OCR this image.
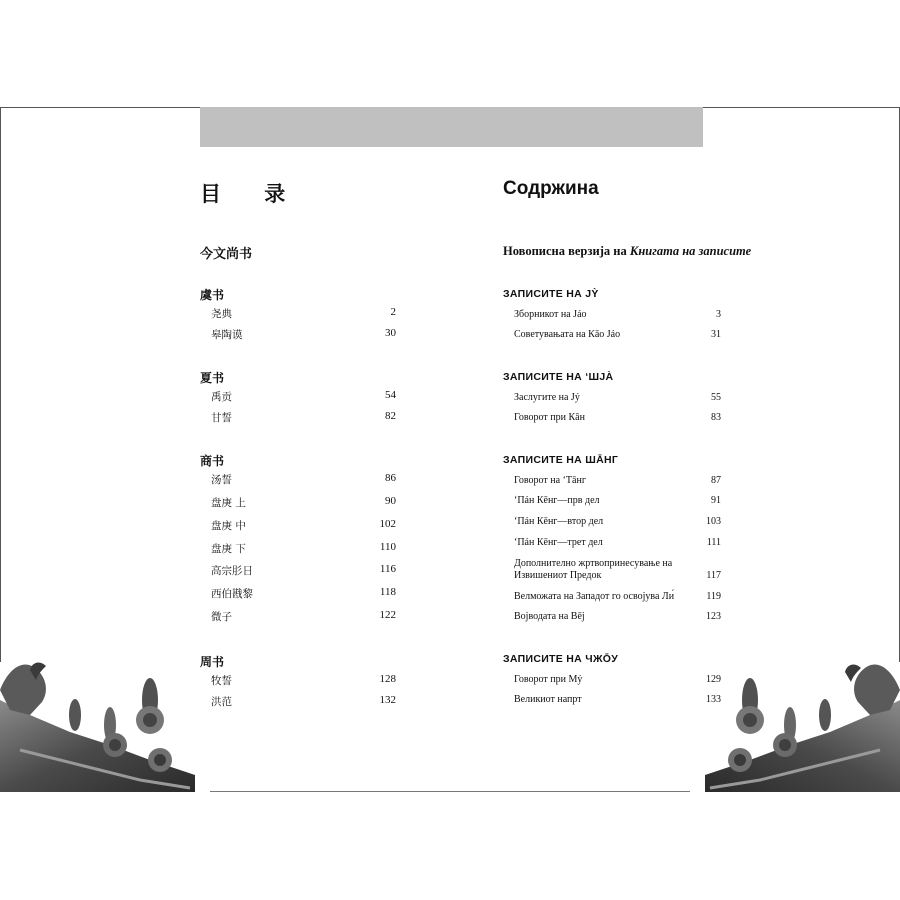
目 录
今文尚书
虞书
尧典	2
皋陶谟	30
夏书
禹贡	54
甘誓	82
商书
汤誓	86
盘庚 上	90
盘庚 中	102
盘庚 下	110
高宗肜日	116
西伯戡黎	118
微子	122
周书
牧誓	128
洪范	132
Содржина
Новописна верзија на Книгата на записите
ЗАПИСИТЕ НА ЈỲ
Зборникот на Јáо	3
Советувањата на Кāо Јáо	31
ЗАПИСИТЕ НА ‘ШЈÀ
Заслугите на Јỷ	55
Говорот при Кāн	83
ЗАПИСИТЕ НА ШĀНГ
Говорот на ‘Тāнг	87
‘Пáн Кēнг—прв дел	91
‘Пáн Кēнг—втор дел	103
‘Пáн Кēнг—трет дел	111
Дополнително жртвопринесување на Извишениот Предок	117
Велможата на Западот го освојува Ли́	119
Војводата на Вēј	123
ЗАПИСИТЕ НА ЧЖŌУ
Говорот при Мỷ	129
Великиот напрт	133
